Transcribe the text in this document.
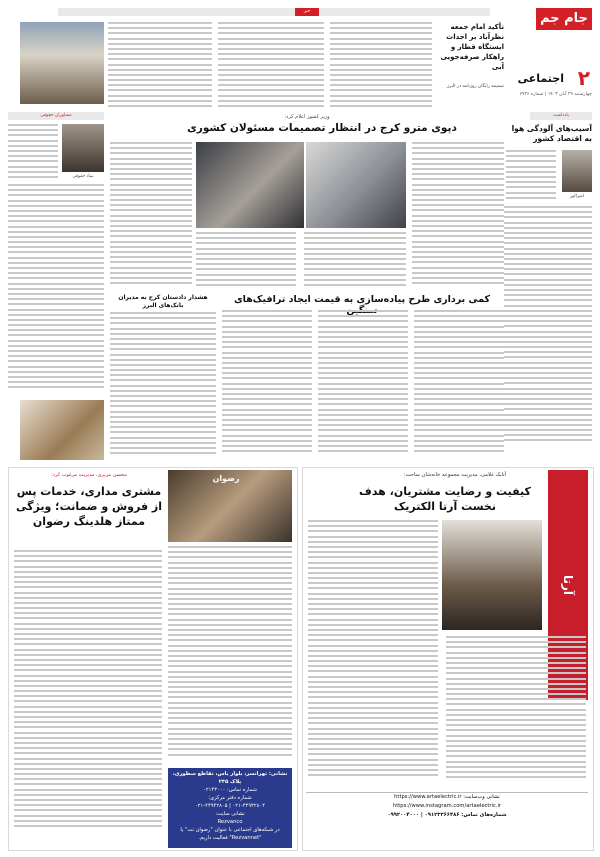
جام جم
۲
اجتماعی
چهارشنبه ۲۹ آبان ۱۴۰۳ | شماره ۶۹۳۶
خبر
تأکید امام جمعه نظرآباد بر احداث ایستگاه قطار و راهکار صرفه‌جویی آبی
ضمیمه رایگان روزنامه در البرز
یادداشت
آسیب‌های آلودگی هوا به اقتصاد کشور
امیرالوز
وزیر کشور اعلام کرد:
دپوی مترو کرج در انتظار تصمیمات مسئولان کشوری
مشاوران حقوقی
بنیاد حقوقی
کمی برداری طرح پیاده‌سازی به قیمت ایجاد ترافیک‌های
هشدار دادستان کرج به مدیران بانک‌های البرز
آتابک غلامی، مدیریت مجموعه خانه‌شان ساخت:
کیفیت و رضایت مشتریان، هدف نخست آرتا الکتریک
آرتا
نشانی وب‌سایت: https://www.artaelectric.ir
https://www.instagram.com/artaelectric.ir
شماره‌های تماس: ۰۹۱۲۳۳۶۶۴۸۶ | ۰۹۹۲۰۰۴۰۰۰
محسن مزیری، مدیریت مرغوب کرد:
مشتری مداری، خدمات پس از فروش و ضمانت؛ ویژگی ممتاز هلدینگ رضوان
رضوان
نشانی: تهرانسر، بلوار یاس، تقاطع سطوری، پلاک ۲۳۵
شماره تماس: ۰۲۱۴۳۰۰۰
شماره دفتر مرکزی:
۰۲۱-۴۴۹۴۲۸۰۴ | ۰۲۱-۴۴۹۴۲۸۰۵
نشانی سایت:
Rezvanco
در شبکه‌های اجتماعی با عنوان "رضوان تت" یا "Rezvannet" فعالیت داریم.
